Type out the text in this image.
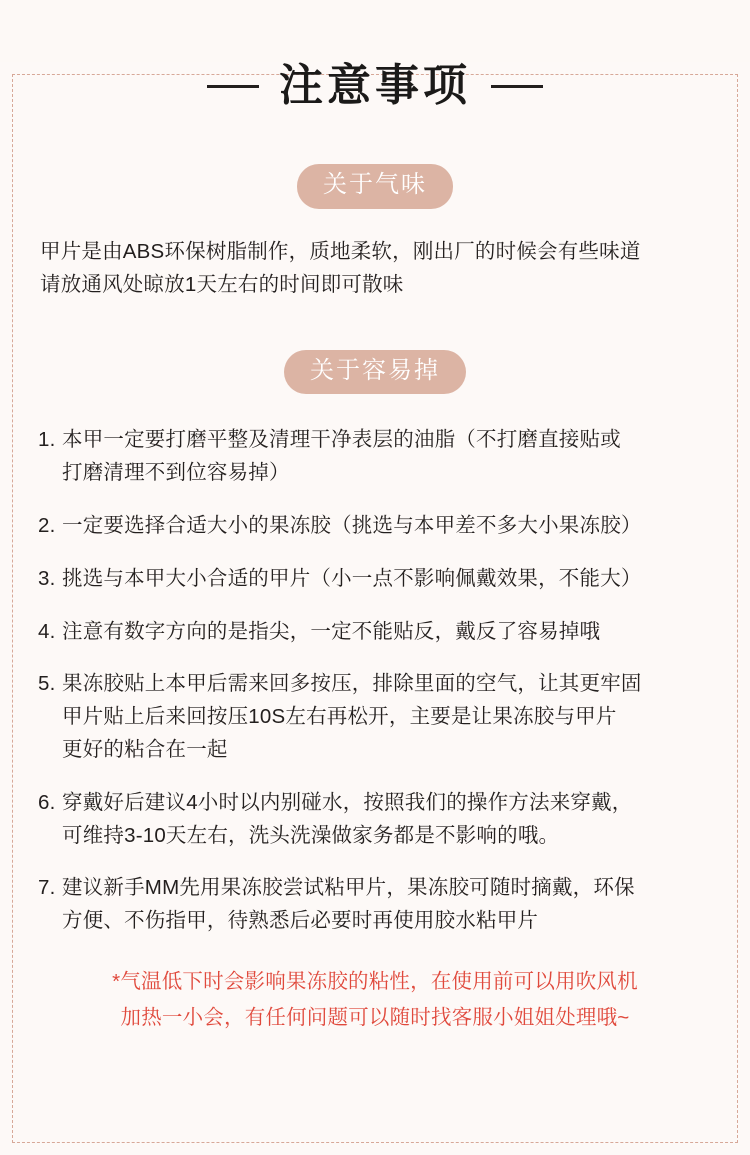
注意事项
关于气味
甲片是由ABS环保树脂制作，质地柔软，刚出厂的时候会有些味道
请放通风处晾放1天左右的时间即可散味
关于容易掉
1. 本甲一定要打磨平整及清理干净表层的油脂（不打磨直接贴或
打磨清理不到位容易掉）
2. 一定要选择合适大小的果冻胶（挑选与本甲差不多大小果冻胶）
3. 挑选与本甲大小合适的甲片（小一点不影响佩戴效果，不能大）
4. 注意有数字方向的是指尖，一定不能贴反，戴反了容易掉哦
5. 果冻胶贴上本甲后需来回多按压，排除里面的空气，让其更牢固
甲片贴上后来回按压10S左右再松开，主要是让果冻胶与甲片
更好的粘合在一起
6. 穿戴好后建议4小时以内别碰水，按照我们的操作方法来穿戴，
可维持3-10天左右，洗头洗澡做家务都是不影响的哦。
7. 建议新手MM先用果冻胶尝试粘甲片，果冻胶可随时摘戴，环保
方便、不伤指甲，待熟悉后必要时再使用胶水粘甲片
*气温低下时会影响果冻胶的粘性，在使用前可以用吹风机
加热一小会，有任何问题可以随时找客服小姐姐处理哦~
